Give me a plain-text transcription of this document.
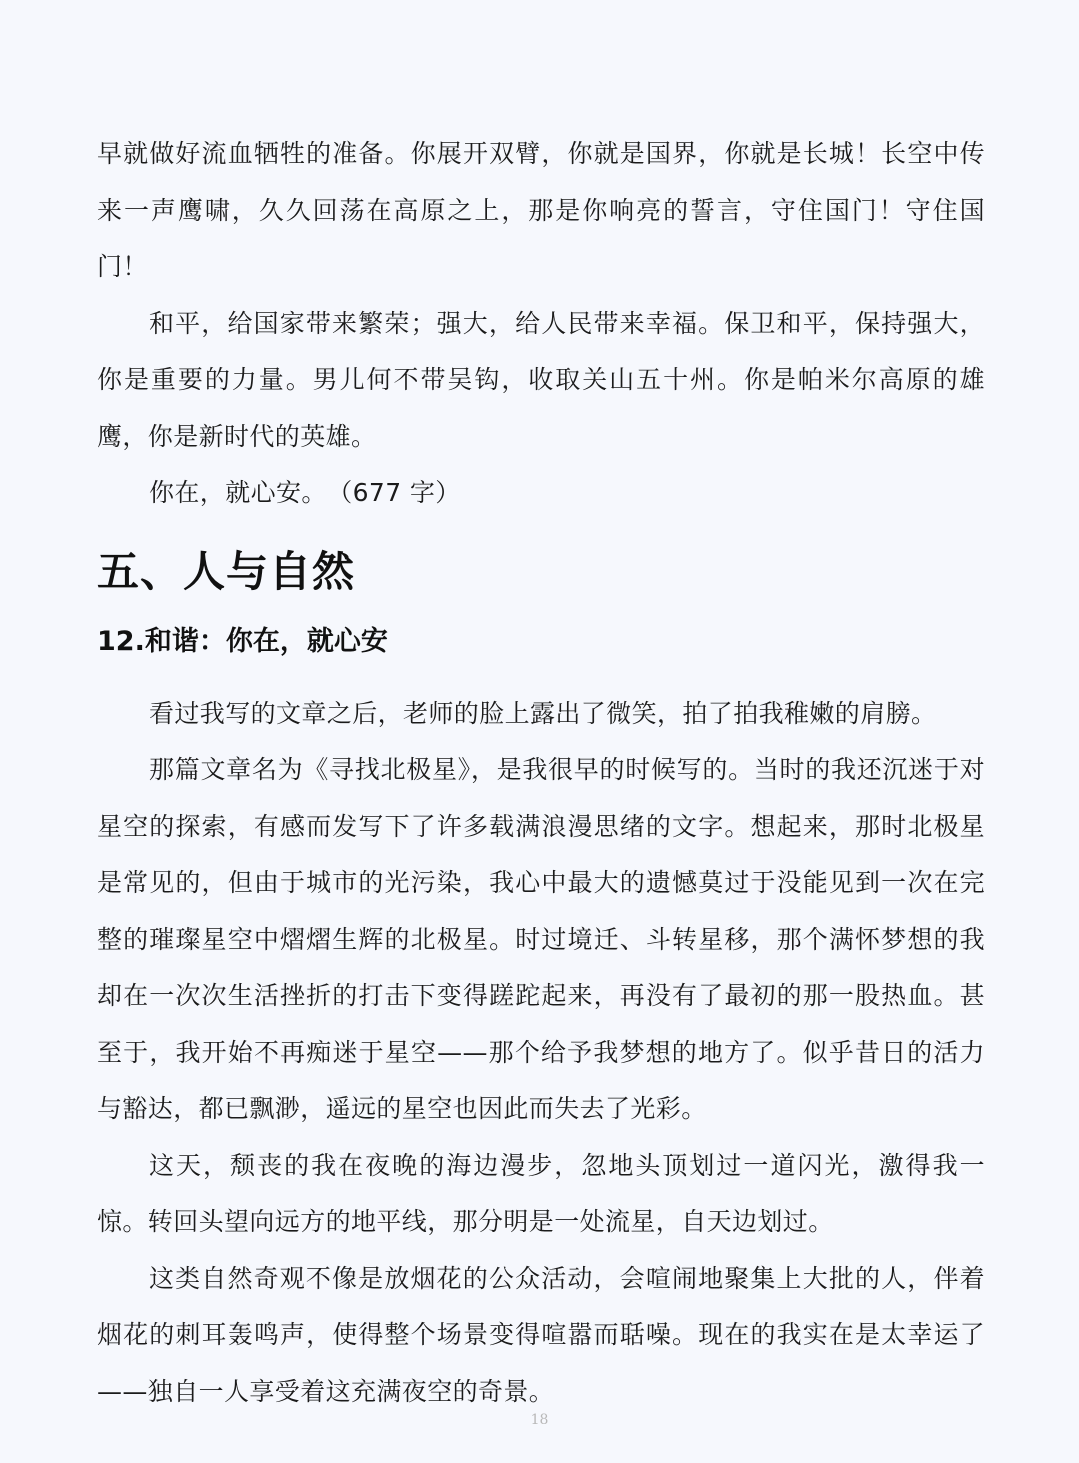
早就做好流血牺牲的准备。你展开双臂，你就是国界，你就是长城！长空中传来一声鹰啸，久久回荡在高原之上，那是你响亮的誓言，守住国门！守住国门！

和平，给国家带来繁荣；强大，给人民带来幸福。保卫和平，保持强大，你是重要的力量。男儿何不带吴钩，收取关山五十州。你是帕米尔高原的雄鹰，你是新时代的英雄。

你在，就心安。　（677 字）

五、人与自然
12.和谐：你在，就心安

看过我写的文章之后，老师的脸上露出了微笑，拍了拍我稚嫩的肩膀。

那篇文章名为《寻找北极星》，是我很早的时候写的。当时的我还沉迷于对星空的探索，有感而发写下了许多载满浪漫思绪的文字。想起来，那时北极星是常见的，但由于城市的光污染，我心中最大的遗憾莫过于没能见到一次在完整的璀璨星空中熠熠生辉的北极星。时过境迁、斗转星移，那个满怀梦想的我却在一次次生活挫折的打击下变得蹉跎起来，再没有了最初的那一股热血。甚至于，我开始不再痴迷于星空——那个给予我梦想的地方了。似乎昔日的活力与豁达，都已飘渺，遥远的星空也因此而失去了光彩。

这天，颓丧的我在夜晚的海边漫步，忽地头顶划过一道闪光，激得我一惊。转回头望向远方的地平线，那分明是一处流星，自天边划过。

这类自然奇观不像是放烟花的公众活动，会喧闹地聚集上大批的人，伴着烟花的刺耳轰鸣声，使得整个场景变得喧嚣而聒噪。现在的我实在是太幸运了——独自一人享受着这充满夜空的奇景。

18
